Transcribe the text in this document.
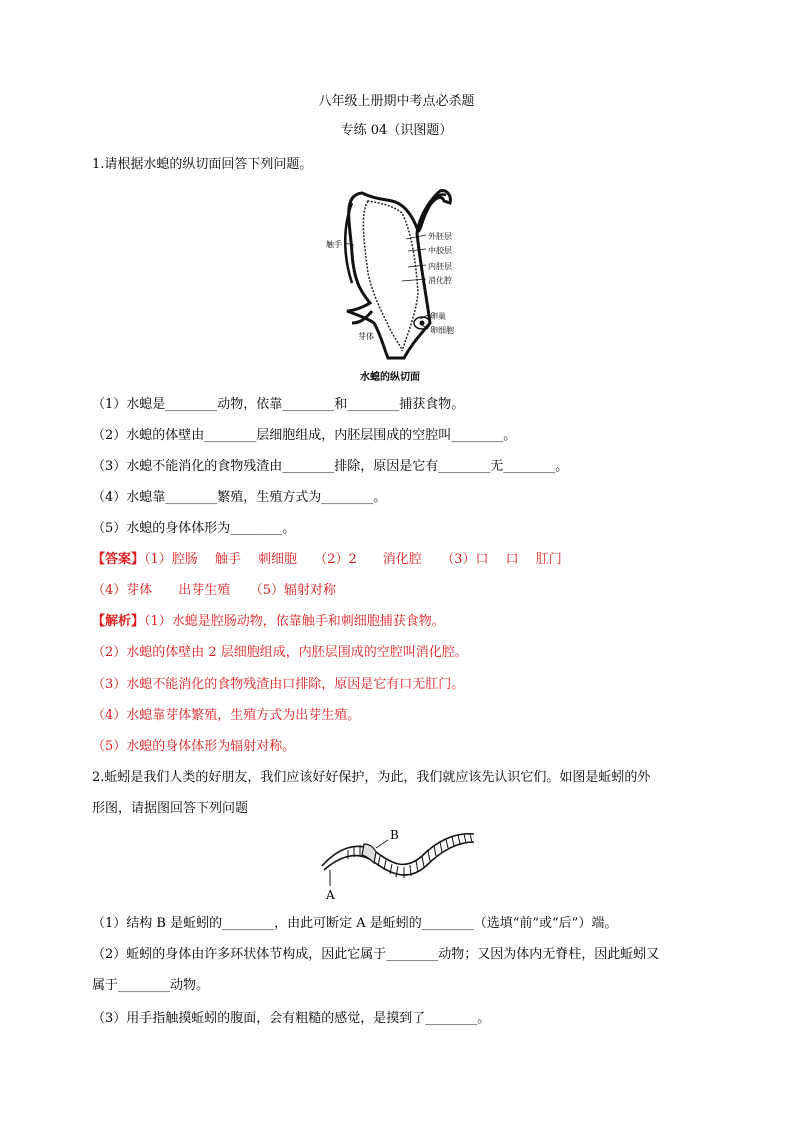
八年级上册期中考点必杀题
专练 04（识图题）
1.请根据水螅的纵切面回答下列问题。
触手
外胚层
中胶层
内胚层
消化腔
卵巢
卵细胞
芽体
水螅的纵切面
（1）水螅是________动物，依靠________和________捕获食物。
（2）水螅的体壁由________层细胞组成，内胚层围成的空腔叫________。
（3）水螅不能消化的食物残渣由________排除，原因是它有________无________。
（4）水螅靠________繁殖，生殖方式为________。
（5）水螅的身体体形为________。
【答案】（1）腔肠　 触手　 刺细胞　 （2）2　　消化腔　　（3）口　 口　 肛门
（4）芽体　　出芽生殖　　（5）辐射对称
【解析】（1）水螅是腔肠动物，依靠触手和刺细胞捕获食物。
（2）水螅的体壁由 2 层细胞组成，内胚层围成的空腔叫消化腔。
（3）水螅不能消化的食物残渣由口排除，原因是它有口无肛门。
（4）水螅靠芽体繁殖，生殖方式为出芽生殖。
（5）水螅的身体体形为辐射对称。
2.蚯蚓是我们人类的好朋友，我们应该好好保护，为此，我们就应该先认识它们。如图是蚯蚓的外
形图，请据图回答下列问题
B
A
（1）结构 B 是蚯蚓的________，由此可断定 A 是蚯蚓的________（选填“前”或“后”）端。
（2）蚯蚓的身体由许多环状体节构成，因此它属于________动物；又因为体内无脊柱，因此蚯蚓又
属于________动物。
（3）用手指触摸蚯蚓的腹面，会有粗糙的感觉，是摸到了________。
